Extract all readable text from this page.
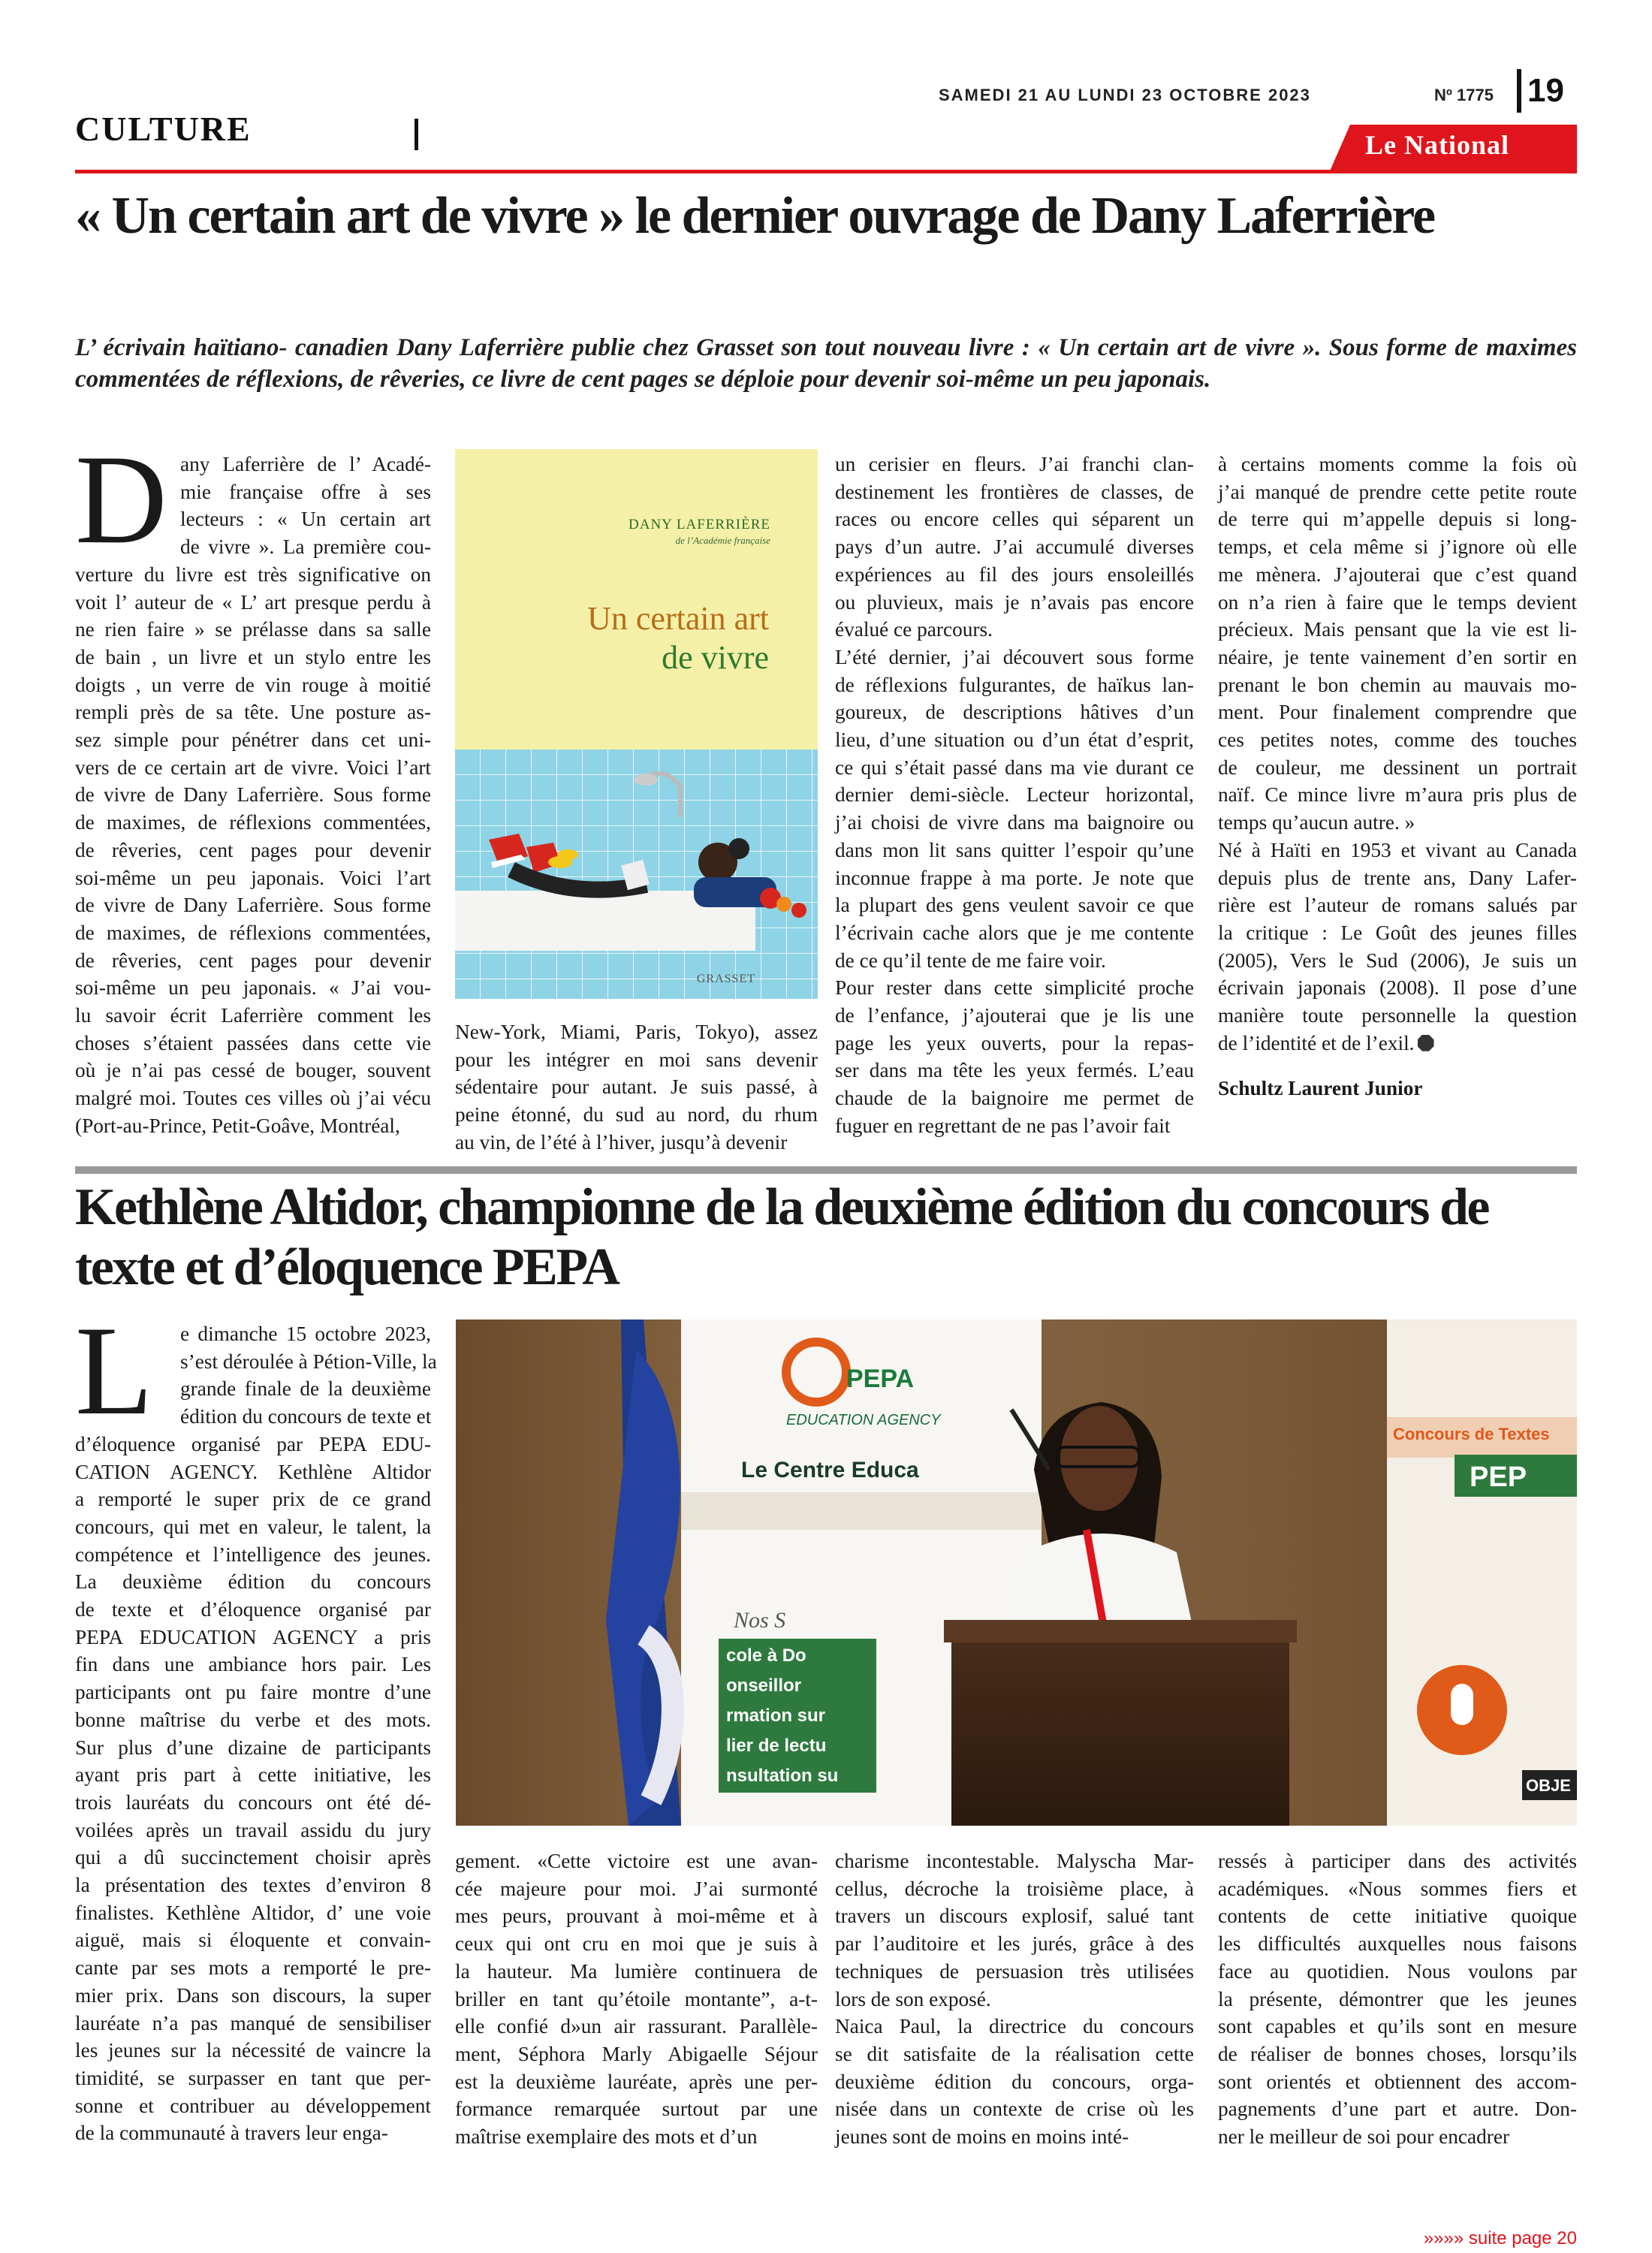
SAMEDI 21 AU LUNDI 23 OCTOBRE 2023	Nº 1775	19
CULTURE	Le National
« Un certain art de vivre » le dernier ouvrage de Dany Laferrière
L’ écrivain haïtiano- canadien Dany Laferrière publie chez Grasset son tout nouveau livre : « Un certain art de vivre ». Sous forme de maximes commentées de réflexions, de rêveries, ce livre de cent pages se déploie pour devenir soi-même un peu japonais.
D any Laferrière de l’ Acadé-
mie française offre à ses
lecteurs : « Un certain art
de vivre ». La première cou-
verture du livre est très significative on
voit l’ auteur de « L’ art presque perdu à
ne rien faire » se prélasse dans sa salle
de bain , un livre et un stylo entre les
doigts , un verre de vin rouge à moitié
rempli près de sa tête. Une posture as-
sez simple pour pénétrer dans cet uni-
vers de ce certain art de vivre. Voici l’art
de vivre de Dany Laferrière. Sous forme
de maximes, de réflexions commentées,
de rêveries, cent pages pour devenir
soi-même un peu japonais. Voici l’art
de vivre de Dany Laferrière. Sous forme
de maximes, de réflexions commentées,
de rêveries, cent pages pour devenir
soi-même un peu japonais. « J’ai vou-
lu savoir écrit Laferrière comment les
choses s’étaient passées dans cette vie
où je n’ai pas cessé de bouger, souvent
malgré moi. Toutes ces villes où j’ai vécu
(Port-au-Prince, Petit-Goâve, Montréal,
DANY LAFERRIÈRE
de l’Académie française
Un certain art
de vivre
GRASSET
New-York, Miami, Paris, Tokyo), assez
pour les intégrer en moi sans devenir
sédentaire pour autant. Je suis passé, à
peine étonné, du sud au nord, du rhum
au vin, de l’été à l’hiver, jusqu’à devenir
un cerisier en fleurs. J’ai franchi clan-
destinement les frontières de classes, de
races ou encore celles qui séparent un
pays d’un autre. J’ai accumulé diverses
expériences au fil des jours ensoleillés
ou pluvieux, mais je n’avais pas encore
évalué ce parcours.
L’été dernier, j’ai découvert sous forme
de réflexions fulgurantes, de haïkus lan-
goureux, de descriptions hâtives d’un
lieu, d’une situation ou d’un état d’esprit,
ce qui s’était passé dans ma vie durant ce
dernier demi-siècle. Lecteur horizontal,
j’ai choisi de vivre dans ma baignoire ou
dans mon lit sans quitter l’espoir qu’une
inconnue frappe à ma porte. Je note que
la plupart des gens veulent savoir ce que
l’écrivain cache alors que je me contente
de ce qu’il tente de me faire voir.
Pour rester dans cette simplicité proche
de l’enfance, j’ajouterai que je lis une
page les yeux ouverts, pour la repas-
ser dans ma tête les yeux fermés. L’eau
chaude de la baignoire me permet de
fuguer en regrettant de ne pas l’avoir fait
à certains moments comme la fois où
j’ai manqué de prendre cette petite route
de terre qui m’appelle depuis si long-
temps, et cela même si j’ignore où elle
me mènera. J’ajouterai que c’est quand
on n’a rien à faire que le temps devient
précieux. Mais pensant que la vie est li-
néaire, je tente vainement d’en sortir en
prenant le bon chemin au mauvais mo-
ment. Pour finalement comprendre que
ces petites notes, comme des touches
de couleur, me dessinent un portrait
naïf. Ce mince livre m’aura pris plus de
temps qu’aucun autre. »
Né à Haïti en 1953 et vivant au Canada
depuis plus de trente ans, Dany Lafer-
rière est l’auteur de romans salués par
la critique : Le Goût des jeunes filles
(2005), Vers le Sud (2006), Je suis un
écrivain japonais (2008). Il pose d’une
manière toute personnelle la question
de l’identité et de l’exil.
Schultz Laurent Junior
Kethlène Altidor, championne de la deuxième édition du concours de texte et d’éloquence PEPA
L	e dimanche 15 octobre 2023,
s’est déroulée à Pétion-Ville, la
grande finale de la deuxième
édition du concours de texte et
d’éloquence organisé par PEPA EDU-
CATION AGENCY. Kethlène Altidor
a remporté le super prix de ce grand
concours, qui met en valeur, le talent, la
compétence et l’intelligence des jeunes.
La deuxième édition du concours
de texte et d’éloquence organisé par
PEPA EDUCATION AGENCY a pris
fin dans une ambiance hors pair. Les
participants ont pu faire montre d’une
bonne maîtrise du verbe et des mots.
Sur plus d’une dizaine de participants
ayant pris part à cette initiative, les
trois lauréats du concours ont été dé-
voilées après un travail assidu du jury
qui a dû succinctement choisir après
la présentation des textes d’environ 8
finalistes. Kethlène Altidor, d’ une voie
aiguë, mais si éloquente et convain-
cante par ses mots a remporté le pre-
mier prix. Dans son discours, la super
lauréate n’a pas manqué de sensibiliser
les jeunes sur la nécessité de vaincre la
timidité, se surpasser en tant que per-
sonne et contribuer au développement
de la communauté à travers leur enga-
PEPA
EDUCATION AGENCY
Le Centre Educa
Nos S
cole à Do
onseillor
rmation sur
lier de lectu
nsultation su
Concours de Textes
PEP
OBJE
gement. «Cette victoire est une avan-
cée majeure pour moi. J’ai surmonté
mes peurs, prouvant à moi-même et à
ceux qui ont cru en moi que je suis à
la hauteur. Ma lumière continuera de
briller en tant qu’étoile montante”, a-t-
elle confié d»un air rassurant. Parallèle-
ment, Séphora Marly Abigaelle Séjour
est la deuxième lauréate, après une per-
formance remarquée surtout par une
maîtrise exemplaire des mots et d’un
charisme incontestable. Malyscha Mar-
cellus, décroche la troisième place, à
travers un discours explosif, salué tant
par l’auditoire et les jurés, grâce à des
techniques de persuasion très utilisées
lors de son exposé.
Naica Paul, la directrice du concours
se dit satisfaite de la réalisation cette
deuxième édition du concours, orga-
nisée dans un contexte de crise où les
jeunes sont de moins en moins inté-
ressés à participer dans des activités
académiques. «Nous sommes fiers et
contents de cette initiative quoique
les difficultés auxquelles nous faisons
face au quotidien. Nous voulons par
la présente, démontrer que les jeunes
sont capables et qu’ils sont en mesure
de réaliser de bonnes choses, lorsqu’ils
sont orientés et obtiennent des accom-
pagnements d’une part et autre. Don-
ner le meilleur de soi pour encadrer
»»»» suite page 20
